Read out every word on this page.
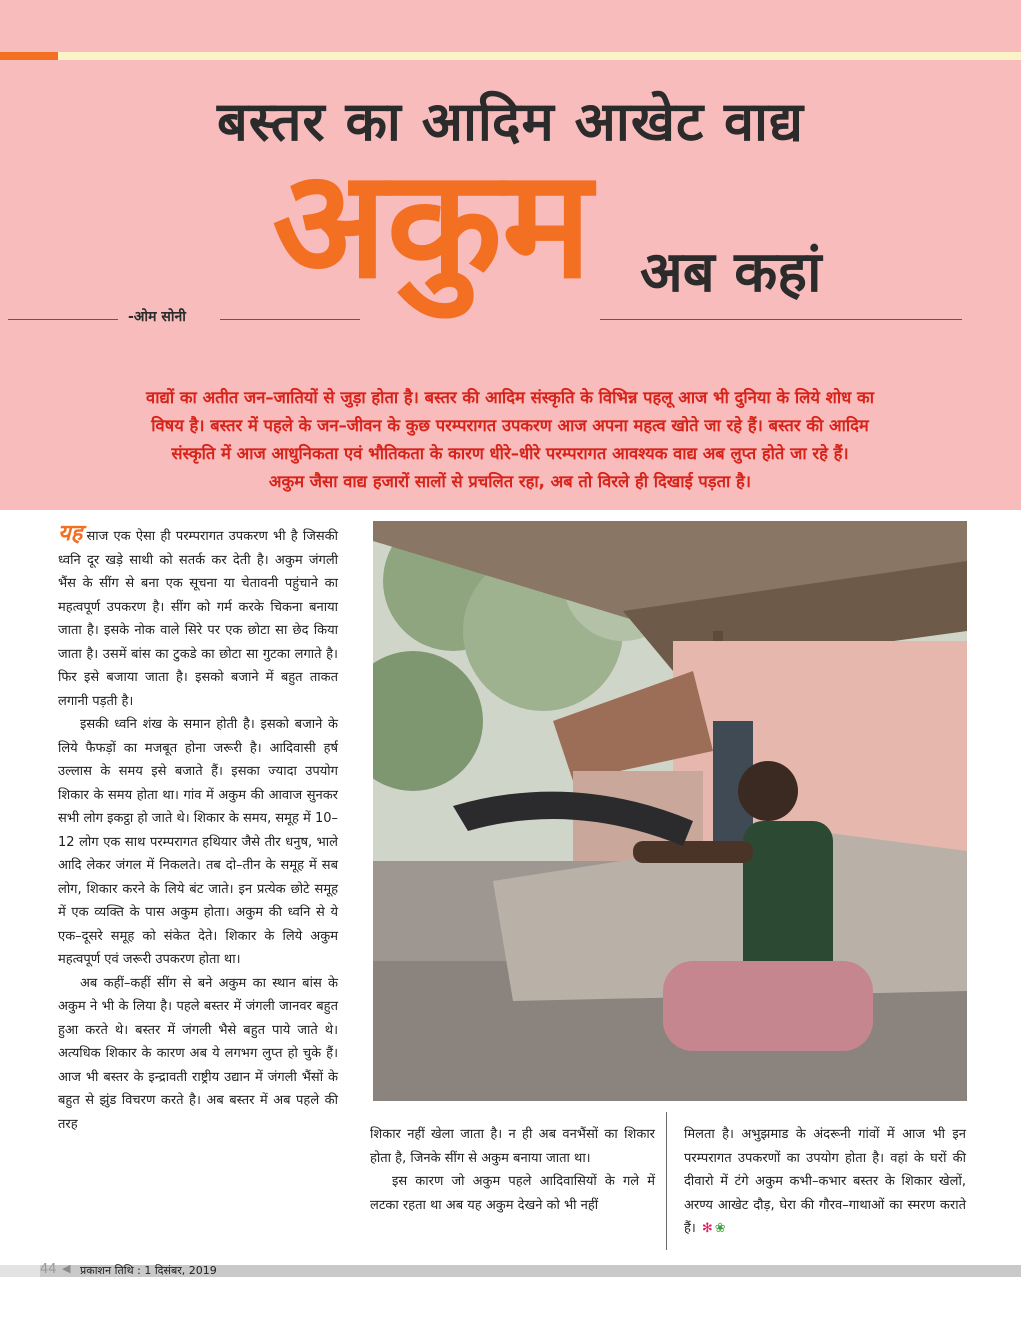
बस्तर का आदिम आखेट वाद्य
अकुम अब कहां
-ओम सोनी
वाद्यों का अतीत जन–जातियों से जुड़ा होता है। बस्तर की आदिम संस्कृति के विभिन्न पहलू आज भी दुनिया के लिये शोध का
विषय है। बस्तर में पहले के जन–जीवन के कुछ परम्परागत उपकरण आज अपना महत्व खोते जा रहे हैं। बस्तर की आदिम
संस्कृति में आज आधुनिकता एवं भौतिकता के कारण धीरे–धीरे परम्परागत आवश्यक वाद्य अब लुप्त होते जा रहे हैं।
अकुम जैसा वाद्य हजारों सालों से प्रचलित रहा, अब तो विरले ही दिखाई पड़ता है।

यह साज एक ऐसा ही परम्परागत उपकरण भी है जिसकी ध्वनि दूर खड़े साथी को सतर्क कर देती है। अकुम जंगली भैंस के सींग से बना एक सूचना या चेतावनी पहुंचाने का महत्वपूर्ण उपकरण है। सींग को गर्म करके चिकना बनाया जाता है। इसके नोक वाले सिरे पर एक छोटा सा छेद किया जाता है। उसमें बांस का टुकडे का छोटा सा गुटका लगाते है। फिर इसे बजाया जाता है। इसको बजाने में बहुत ताकत लगानी पड़ती है।

इसकी ध्वनि शंख के समान होती है। इसको बजाने के लिये फैफड़ों का मजबूत होना जरूरी है। आदिवासी हर्ष उल्लास के समय इसे बजाते हैं। इसका ज्यादा उपयोग शिकार के समय होता था। गांव में अकुम की आवाज सुनकर सभी लोग इकट्ठा हो जाते थे। शिकार के समय, समूह में 10–12 लोग एक साथ परम्परागत हथियार जैसे तीर धनुष, भाले आदि लेकर जंगल में निकलते। तब दो–तीन के समूह में सब लोग, शिकार करने के लिये बंट जाते। इन प्रत्येक छोटे समूह में एक व्यक्ति के पास अकुम होता। अकुम की ध्वनि से ये एक–दूसरे समूह को संकेत देते। शिकार के लिये अकुम महत्वपूर्ण एवं जरूरी उपकरण होता था।

अब कहीं–कहीं सींग से बने अकुम का स्थान बांस के अकुम ने भी के लिया है। पहले बस्तर में जंगली जानवर बहुत हुआ करते थे। बस्तर में जंगली भैसे बहुत पाये जाते थे। अत्यधिक शिकार के कारण अब ये लगभग लुप्त हो चुके हैं। आज भी बस्तर के इन्द्रावती राष्ट्रीय उद्यान में जंगली भैंसों के बहुत से झुंड विचरण करते है। अब बस्तर में अब पहले की तरह

शिकार नहीं खेला जाता है। न ही अब वनभैंसों का शिकार होता है, जिनके सींग से अकुम बनाया जाता था।

इस कारण जो अकुम पहले आदिवासियों के गले में लटका रहता था अब यह अकुम देखने को भी नहीं

मिलता है। अभुझमाड के अंदरूनी गांवों में आज भी इन परम्परागत उपकरणों का उपयोग होता है। वहां के घरों की दीवारो में टंगे अकुम कभी–कभार बस्तर के शिकार खेलों, अरण्य आखेट दौड़, घेरा की गौरव–गाथाओं का स्मरण कराते हैं। ✻ ❀

44 ◀ प्रकाशन तिथि : 1 दिसंबर, 2019
